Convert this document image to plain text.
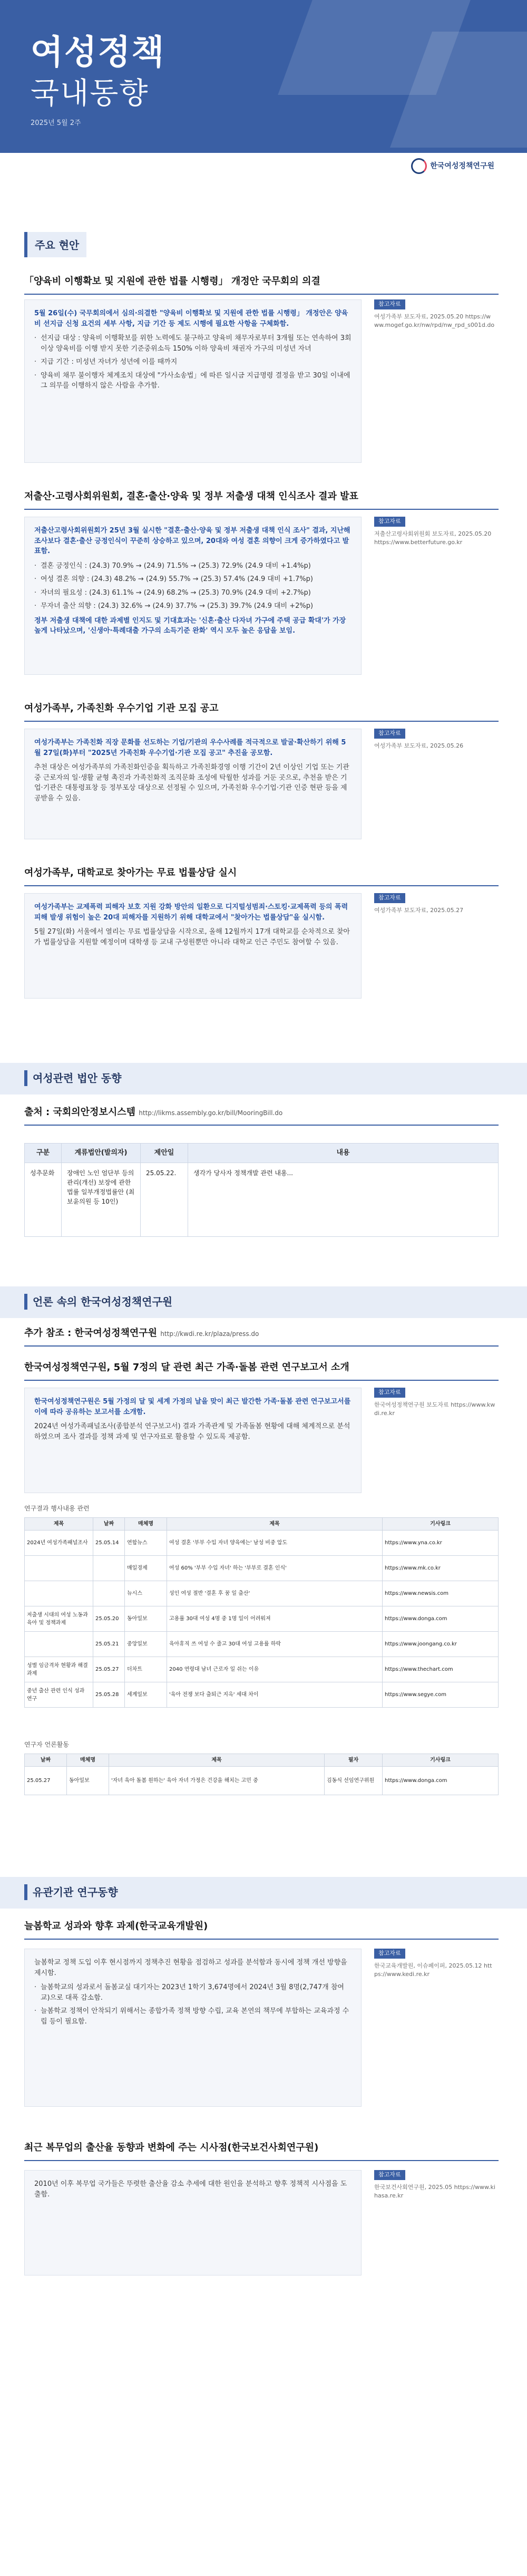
여성정책
국내동향
2025년 5월 2주
한국여성정책연구원
주요 현안
「양육비 이행확보 및 지원에 관한 법률 시행령」 개정안 국무회의 의결
5월 26일(수) 국무회의에서 심의·의결한 "양육비 이행확보 및 지원에 관한 법률 시행령」 개정안은 양육비 선지급 신청 요건의 세부 사항, 지급 기간 등 제도 시행에 필요한 사항을 구체화함.
· 선지급 대상 : 양육비 이행확보를 위한 노력에도 불구하고 양육비 채무자로부터 3개월 또는 연속하여 3회 이상 양육비를 이행 받지 못한 기준중위소득 150% 이하 양육비 채권자 가구의 미성년 자녀
· 지급 기간 : 미성년 자녀가 성년에 이를 때까지
· 양육비 채무 불이행자 체계조치 대상에 "가사소송법」에 따른 일시금 지급명령 결정을 받고 30일 이내에 그 의무를 이행하지 않은 사람을 추가함.
참고자료
여성가족부 보도자료, 2025.05.20 https://www.mogef.go.kr/nw/rpd/nw_rpd_s001d.do
저출산·고령사회위원회, 결혼·출산·양육 및 정부 저출생 대책 인식조사 결과 발표
저출산고령사회위원회가 25년 3월 실시한 "결혼·출산·양육 및 정부 저출생 대책 인식 조사" 결과, 지난해 조사보다 결혼·출산 긍정인식이 꾸준히 상승하고 있으며, 20대와 여성 결혼 의향이 크게 증가하였다고 발표함.
· 결혼 긍정인식 : (24.3) 70.9% → (24.9) 71.5% → (25.3) 72.9% (24.9 대비 +1.4%p)
· 여성 결혼 의향 : (24.3) 48.2% → (24.9) 55.7% → (25.3) 57.4% (24.9 대비 +1.7%p)
· 자녀의 필요성 : (24.3) 61.1% → (24.9) 68.2% → (25.3) 70.9% (24.9 대비 +2.7%p)
· 무자녀 출산 의향 : (24.3) 32.6% → (24.9) 37.7% → (25.3) 39.7% (24.9 대비 +2%p)
정부 저출생 대책에 대한 과제별 인지도 및 기대효과는 '신혼·출산 다자녀 가구에 주택 공급 확대'가 가장 높게 나타났으며, '신생아·특례대출 가구의 소득기준 완화' 역시 모두 높은 응답을 보임.
참고자료
저출산고령사회위원회 보도자료, 2025.05.20 https://www.betterfuture.go.kr
여성가족부, 가족친화 우수기업 기관 모집 공고
여성가족부는 가족친화 직장 문화를 선도하는 기업/기관의 우수사례를 적극적으로 발굴·확산하기 위해 5월 27일(화)부터 "2025년 가족친화 우수기업·기관 모집 공고" 추진을 공모함.
추천 대상은 여성가족부의 가족친화인증을 획득하고 가족친화경영 이행 기간이 2년 이상인 기업 또는 기관 중 근로자의 일·생활 균형 촉진과 가족친화적 조직문화 조성에 탁월한 성과를 거둔 곳으로, 추천을 받은 기업·기관은 대통령표창 등 정부포상 대상으로 선정될 수 있으며, 가족친화 우수기업·기관 인증 현판 등을 제공받을 수 있음.
참고자료
여성가족부 보도자료, 2025.05.26
여성가족부, 대학교로 찾아가는 무료 법률상담 실시
여성가족부는 교제폭력 피해자 보호 지원 강화 방안의 일환으로 디지털성범죄·스토킹·교제폭력 등의 폭력피해 발생 위험이 높은 20대 피해자를 지원하기 위해 대학교에서 "찾아가는 법률상담"을 실시함.
5월 27일(화) 서울에서 열리는 무료 법률상담을 시작으로, 올해 12월까지 17개 대학교를 순차적으로 찾아가 법률상담을 지원할 예정이며 대학생 등 교내 구성원뿐만 아니라 대학교 인근 주민도 참여할 수 있음.
참고자료
여성가족부 보도자료, 2025.05.27
여성관련 법안 동향
출처 : 국회의안정보시스템 http://likms.assembly.go.kr/bill/MooringBill.do
구분	계류법안(발의자)	제안일	내용
성추문화	장애인 노인 엄단부 등의 관리(개선) 보장에 관한 법률 일부개정법률안 (최보윤의원 등 10인)	25.05.22.	생각가 당사자 정책개발 관련 내용...
언론 속의 한국여성정책연구원
추가 참조 : 한국여성정책연구원 http://kwdi.re.kr/plaza/press.do
한국여성정책연구원, 5월 7정의 달 관련 최근 가족·돌봄 관련 연구보고서 소개
한국여성정책연구원은 5월 가정의 달 및 세계 가정의 날을 맞이 최근 발간한 가족·돌봄 관련 연구보고서를 이에 따라 공유하는 보고서를 소개함.
2024년 여성가족패널조사(종합분석 연구보고서) 결과 가족관계 및 가족돌봄 현황에 대해 체계적으로 분석하였으며 조사 결과를 정책 과제 및 연구자료로 활용할 수 있도록 제공함.
참고자료
한국여성정책연구원 보도자료 https://www.kwdi.re.kr
연구결과 행사내용 관련
제목	날짜	매체명	제목	기사링크
2024년 여성가족패널조사	25.05.14	연합뉴스	여성 결혼 '부부 수입 자녀 양육에는' 남성 비중 압도	https://www.yna.co.kr
		매일경제	여성 60% '부부 수입 자녀' 하는 '부부로 결혼 인식'	https://www.mk.co.kr
		뉴시스	성인 여성 절반 '결혼 후 꿈 일 출산'	https://www.newsis.com
저출생 시대의 여성 노동과 육아 및 정책과제	25.05.20	동아일보	고용률 30대 여성 4명 중 1명 일이 어려워져	https://www.donga.com
	25.05.21	중앙일보	육아휴직 쓰 여성 수 줄고 30대 여성 고용률 하락	https://www.joongang.co.kr
성별 임금격차 현황과 해결 과제	25.05.27	더차트	2040 연령대 남녀 근로자 일 쉬는 이유	https://www.thechart.com
중년 출산 관련 인식 성과 연구	25.05.28	세계일보	'육아 전쟁 보다 출퇴근 지옥' 세대 차이	https://www.segye.com
연구자 언론활동
날짜	매체명	제목	필자	기사링크
25.05.27	동아일보	'자녀 육아 돌봄 원하는' 육아 자녀 가정은 건강을 해치는 고민 중	김동식 선임연구위원	https://www.donga.com
유관기관 연구동향
늘봄학교 성과와 향후 과제(한국교육개발원)
늘봄학교 정책 도입 이후 현시점까지 정책추진 현황을 점검하고 성과를 분석함과 동시에 정책 개선 방향을 제시함.
· 늘봄학교의 성과로서 돌봄교실 대기자는 2023년 1학기 3,674명에서 2024년 3월 8명(2,747개 참여교)으로 대폭 감소함.
· 늘봄학교 정책이 안착되기 위해서는 종합가족 정책 방향 수립, 교육 본연의 책무에 부합하는 교육과정 수립 등이 필요함.
참고자료
한국교육개발원, 이슈페이퍼, 2025.05.12 https://www.kedi.re.kr
최근 복무업의 출산율 동향과 변화에 주는 시사점(한국보건사회연구원)
2010년 이후 복무업 국가들은 뚜렷한 출산율 감소 추세에 대한 원인을 분석하고 향후 정책적 시사점을 도출함.
참고자료
한국보건사회연구원, 2025.05 https://www.kihasa.re.kr
